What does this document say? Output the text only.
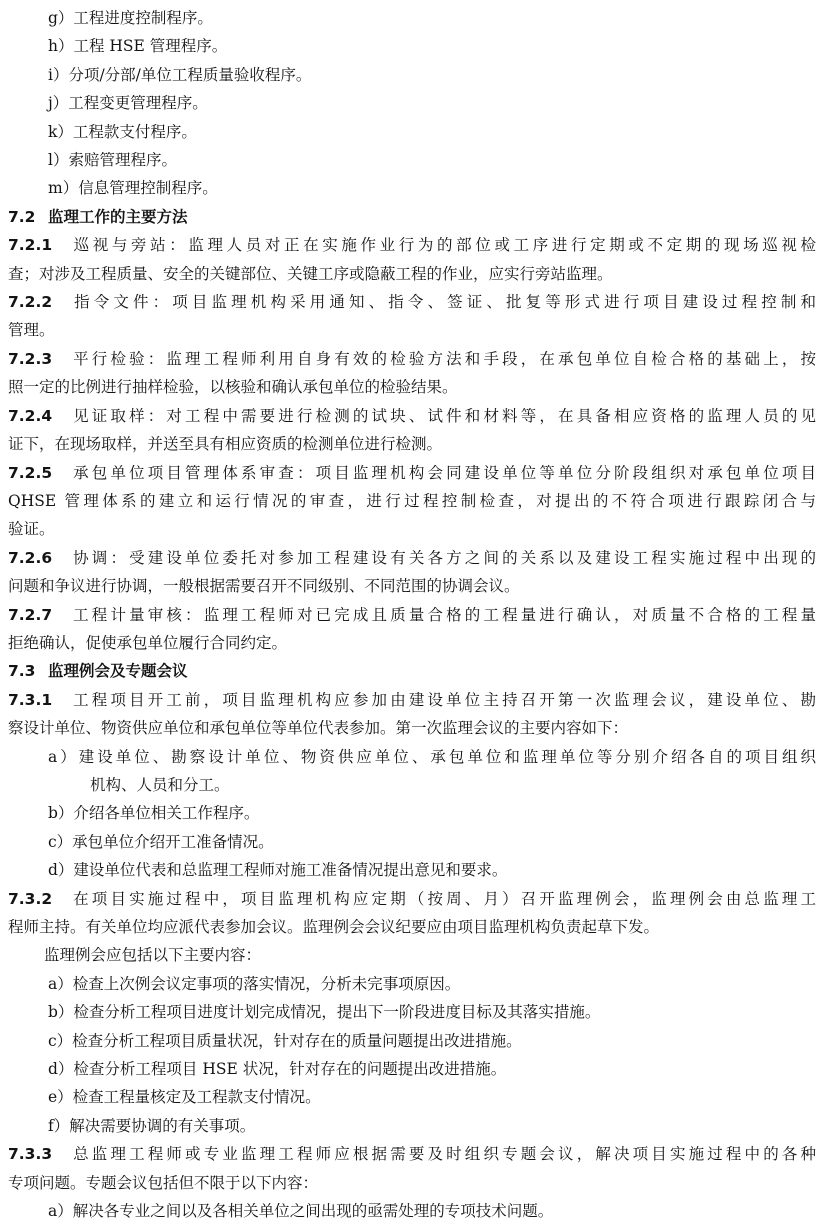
g）工程进度控制程序。
h）工程 HSE 管理程序。
i）分项/分部/单位工程质量验收程序。
j）工程变更管理程序。
k）工程款支付程序。
l）索赔管理程序。
m）信息管理控制程序。
7.2 监理工作的主要方法
7.2.1 巡视与旁站：监理人员对正在实施作业行为的部位或工序进行定期或不定期的现场巡视检
查；对涉及工程质量、安全的关键部位、关键工序或隐蔽工程的作业，应实行旁站监理。
7.2.2 指令文件：项目监理机构采用通知、指令、签证、批复等形式进行项目建设过程控制和
管理。
7.2.3 平行检验：监理工程师利用自身有效的检验方法和手段，在承包单位自检合格的基础上，按
照一定的比例进行抽样检验，以核验和确认承包单位的检验结果。
7.2.4 见证取样：对工程中需要进行检测的试块、试件和材料等，在具备相应资格的监理人员的见
证下，在现场取样，并送至具有相应资质的检测单位进行检测。
7.2.5 承包单位项目管理体系审查：项目监理机构会同建设单位等单位分阶段组织对承包单位项目
QHSE 管理体系的建立和运行情况的审查，进行过程控制检查，对提出的不符合项进行跟踪闭合与
验证。
7.2.6 协调：受建设单位委托对参加工程建设有关各方之间的关系以及建设工程实施过程中出现的
问题和争议进行协调，一般根据需要召开不同级别、不同范围的协调会议。
7.2.7 工程计量审核：监理工程师对已完成且质量合格的工程量进行确认，对质量不合格的工程量
拒绝确认，促使承包单位履行合同约定。
7.3 监理例会及专题会议
7.3.1 工程项目开工前，项目监理机构应参加由建设单位主持召开第一次监理会议，建设单位、勘
察设计单位、物资供应单位和承包单位等单位代表参加。第一次监理会议的主要内容如下：
a）建设单位、勘察设计单位、物资供应单位、承包单位和监理单位等分别介绍各自的项目组织
机构、人员和分工。
b）介绍各单位相关工作程序。
c）承包单位介绍开工准备情况。
d）建设单位代表和总监理工程师对施工准备情况提出意见和要求。
7.3.2 在项目实施过程中，项目监理机构应定期（按周、月）召开监理例会，监理例会由总监理工
程师主持。有关单位均应派代表参加会议。监理例会会议纪要应由项目监理机构负责起草下发。
监理例会应包括以下主要内容：
a）检查上次例会议定事项的落实情况，分析未完事项原因。
b）检查分析工程项目进度计划完成情况，提出下一阶段进度目标及其落实措施。
c）检查分析工程项目质量状况，针对存在的质量问题提出改进措施。
d）检查分析工程项目 HSE 状况，针对存在的问题提出改进措施。
e）检查工程量核定及工程款支付情况。
f）解决需要协调的有关事项。
7.3.3 总监理工程师或专业监理工程师应根据需要及时组织专题会议，解决项目实施过程中的各种
专项问题。专题会议包括但不限于以下内容：
a）解决各专业之间以及各相关单位之间出现的亟需处理的专项技术问题。
